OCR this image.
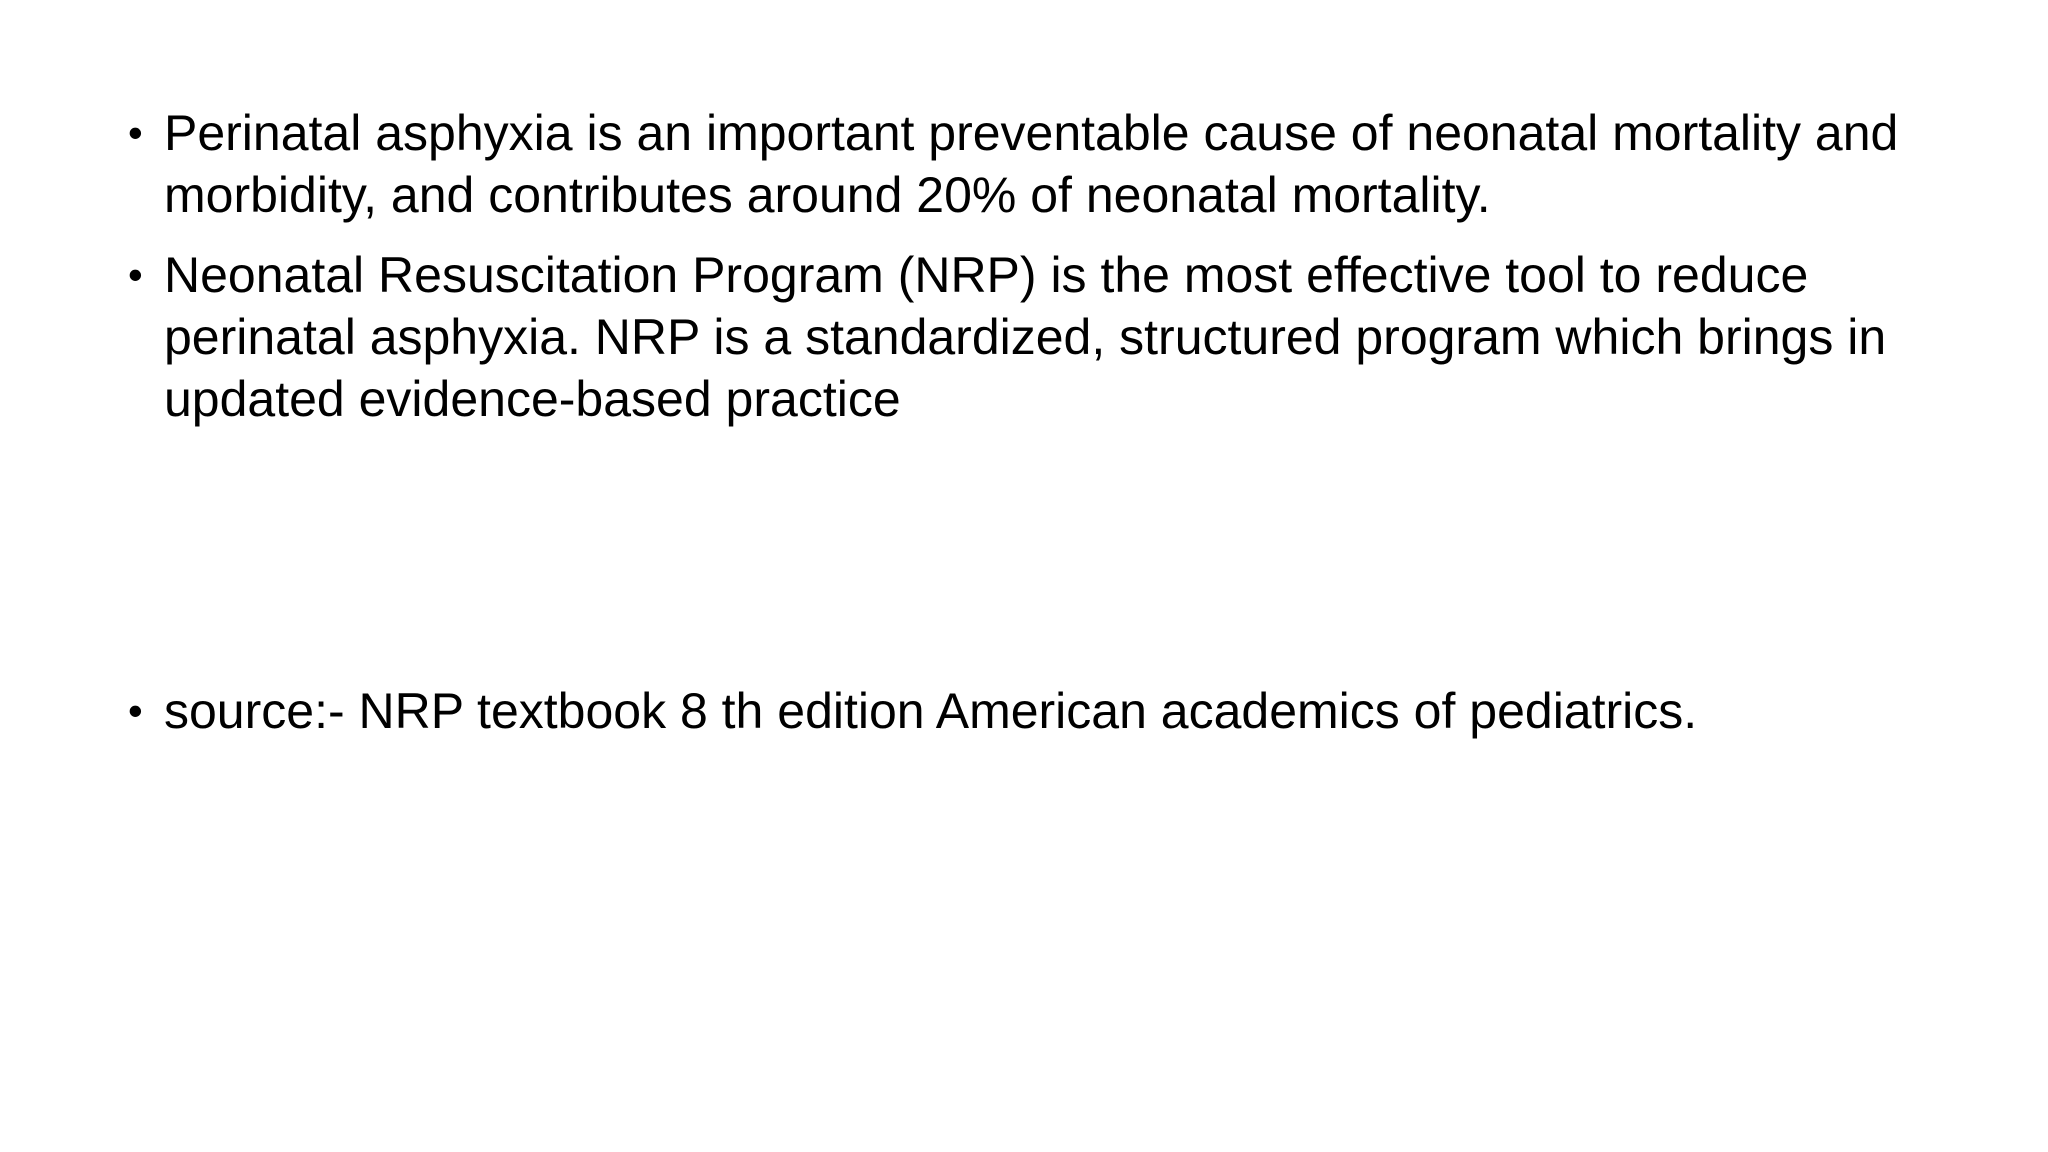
• Perinatal asphyxia is an important preventable cause of neonatal mortality and morbidity, and contributes around 20% of neonatal mortality.
• Neonatal Resuscitation Program (NRP) is the most effective tool to reduce perinatal asphyxia. NRP is a standardized, structured program which brings in updated evidence-based practice
• source:- NRP textbook 8 th edition American academics of pediatrics.
